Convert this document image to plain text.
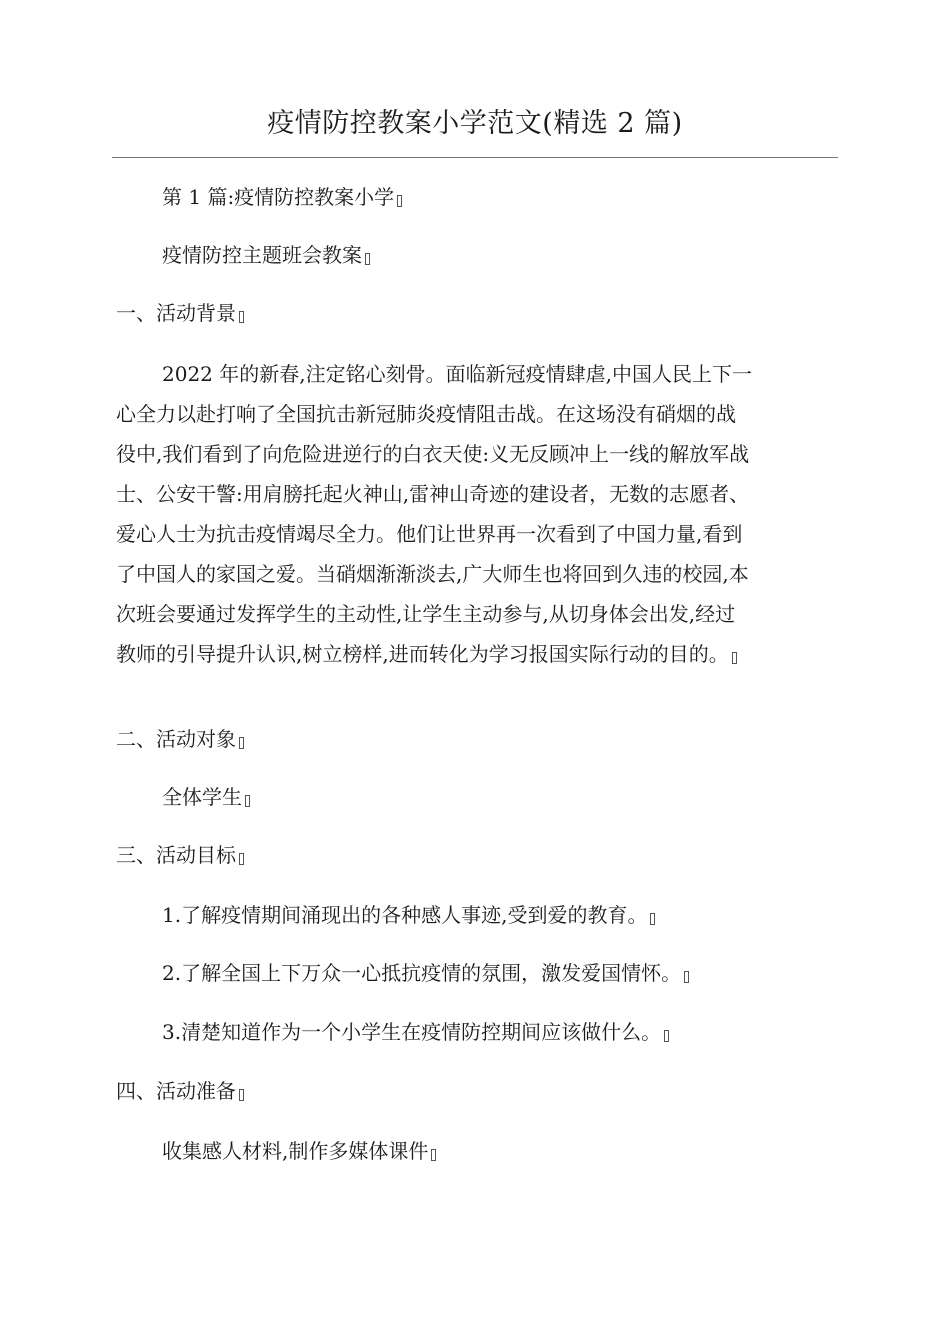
疫情防控教案小学范文(精选 2 篇)
第 1 篇:疫情防控教案小学
疫情防控主题班会教案
一、活动背景
2022 年的新春,注定铭心刻骨。面临新冠疫情肆虐,中国人民上下一
心全力以赴打响了全国抗击新冠肺炎疫情阻击战。在这场没有硝烟的战
役中,我们看到了向危险进逆行的白衣天使:义无反顾冲上一线的解放军战
士、公安干警:用肩膀托起火神山,雷神山奇迹的建设者，无数的志愿者、
爱心人士为抗击疫情竭尽全力。他们让世界再一次看到了中国力量,看到
了中国人的家国之爱。当硝烟渐渐淡去,广大师生也将回到久违的校园,本
次班会要通过发挥学生的主动性,让学生主动参与,从切身体会出发,经过
教师的引导提升认识,树立榜样,进而转化为学习报国实际行动的目的。
二、活动对象
全体学生
三、活动目标
1.了解疫情期间涌现出的各种感人事迹,受到爱的教育。
2.了解全国上下万众一心抵抗疫情的氛围，激发爱国情怀。
3.清楚知道作为一个小学生在疫情防控期间应该做什么。
四、活动准备
收集感人材料,制作多媒体课件
